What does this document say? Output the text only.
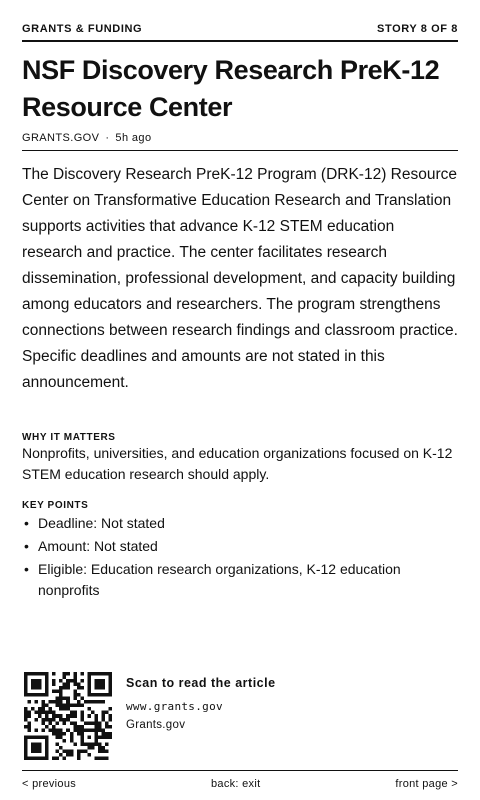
GRANTS & FUNDING	STORY 8 OF 8
NSF Discovery Research PreK-12 Resource Center
GRANTS.GOV · 5h ago

The Discovery Research PreK-12 Program (DRK-12) Resource Center on Transformative Education Research and Translation supports activities that advance K-12 STEM education research and practice. The center facilitates research dissemination, professional development, and capacity building among educators and researchers. The program strengthens connections between research findings and classroom practice. Specific deadlines and amounts are not stated in this announcement.

WHY IT MATTERS

Nonprofits, universities, and education organizations focused on K-12 STEM education research should apply.

KEY POINTS

• Deadline: Not stated
• Amount: Not stated
• Eligible: Education research organizations, K-12 education nonprofits
Scan to read the article
www.grants.gov
Grants.gov
< previous	back: exit	front page >
